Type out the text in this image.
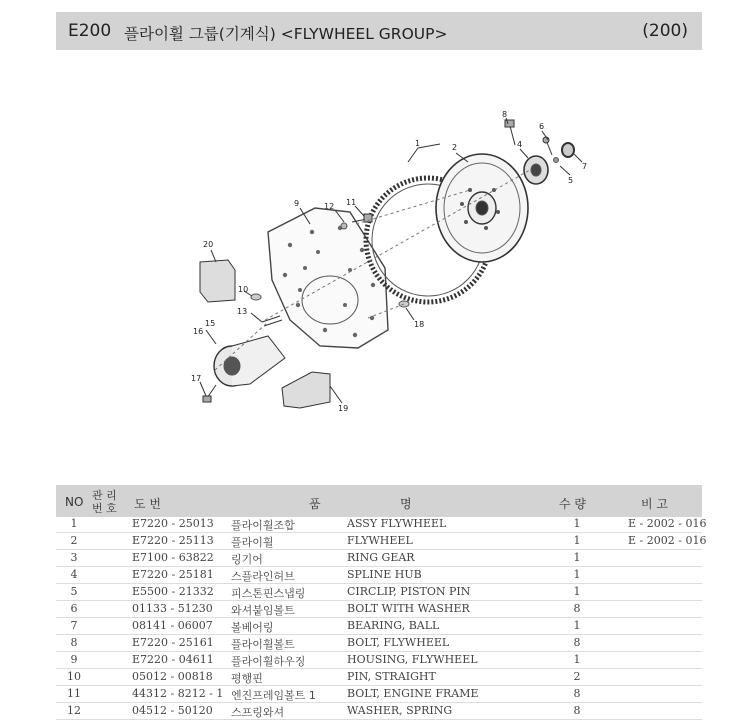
E200 플라이휠 그룹(기계식) <FLYWHEEL GROUP>	(200)
1	2	4
5
6
7
8
9
10
11
12
13
15
16
17
18
19
20
NO 관 리
번 호 도 번	품	명	수 량	비 고
1	E7220 - 25013 플라이휠조합	ASSY FLYWHEEL	1	E - 2002 - 016
2	E7220 - 25113 플라이휠	FLYWHEEL	1	E - 2002 - 016
3	E7100 - 63822 링기어	RING GEAR	1
4	E7220 - 25181 스플라인허브	SPLINE HUB	1
5	E5500 - 21332 피스톤핀스냅링	CIRCLIP, PISTON PIN	1
6	01133 - 51230 와셔붙임볼트	BOLT WITH WASHER	8
7	08141 - 06007 볼베어링	BEARING, BALL	1
8	E7220 - 25161 플라이휠볼트	BOLT, FLYWHEEL	8
9	E7220 - 04611 플라이휠하우징	HOUSING, FLYWHEEL	1
10	05012 - 00818 평행핀	PIN, STRAIGHT	2
11	44312 - 8212 - 1 엔진프레임볼트 1	BOLT, ENGINE FRAME	8
12	04512 - 50120 스프링와셔	WASHER, SPRING	8
